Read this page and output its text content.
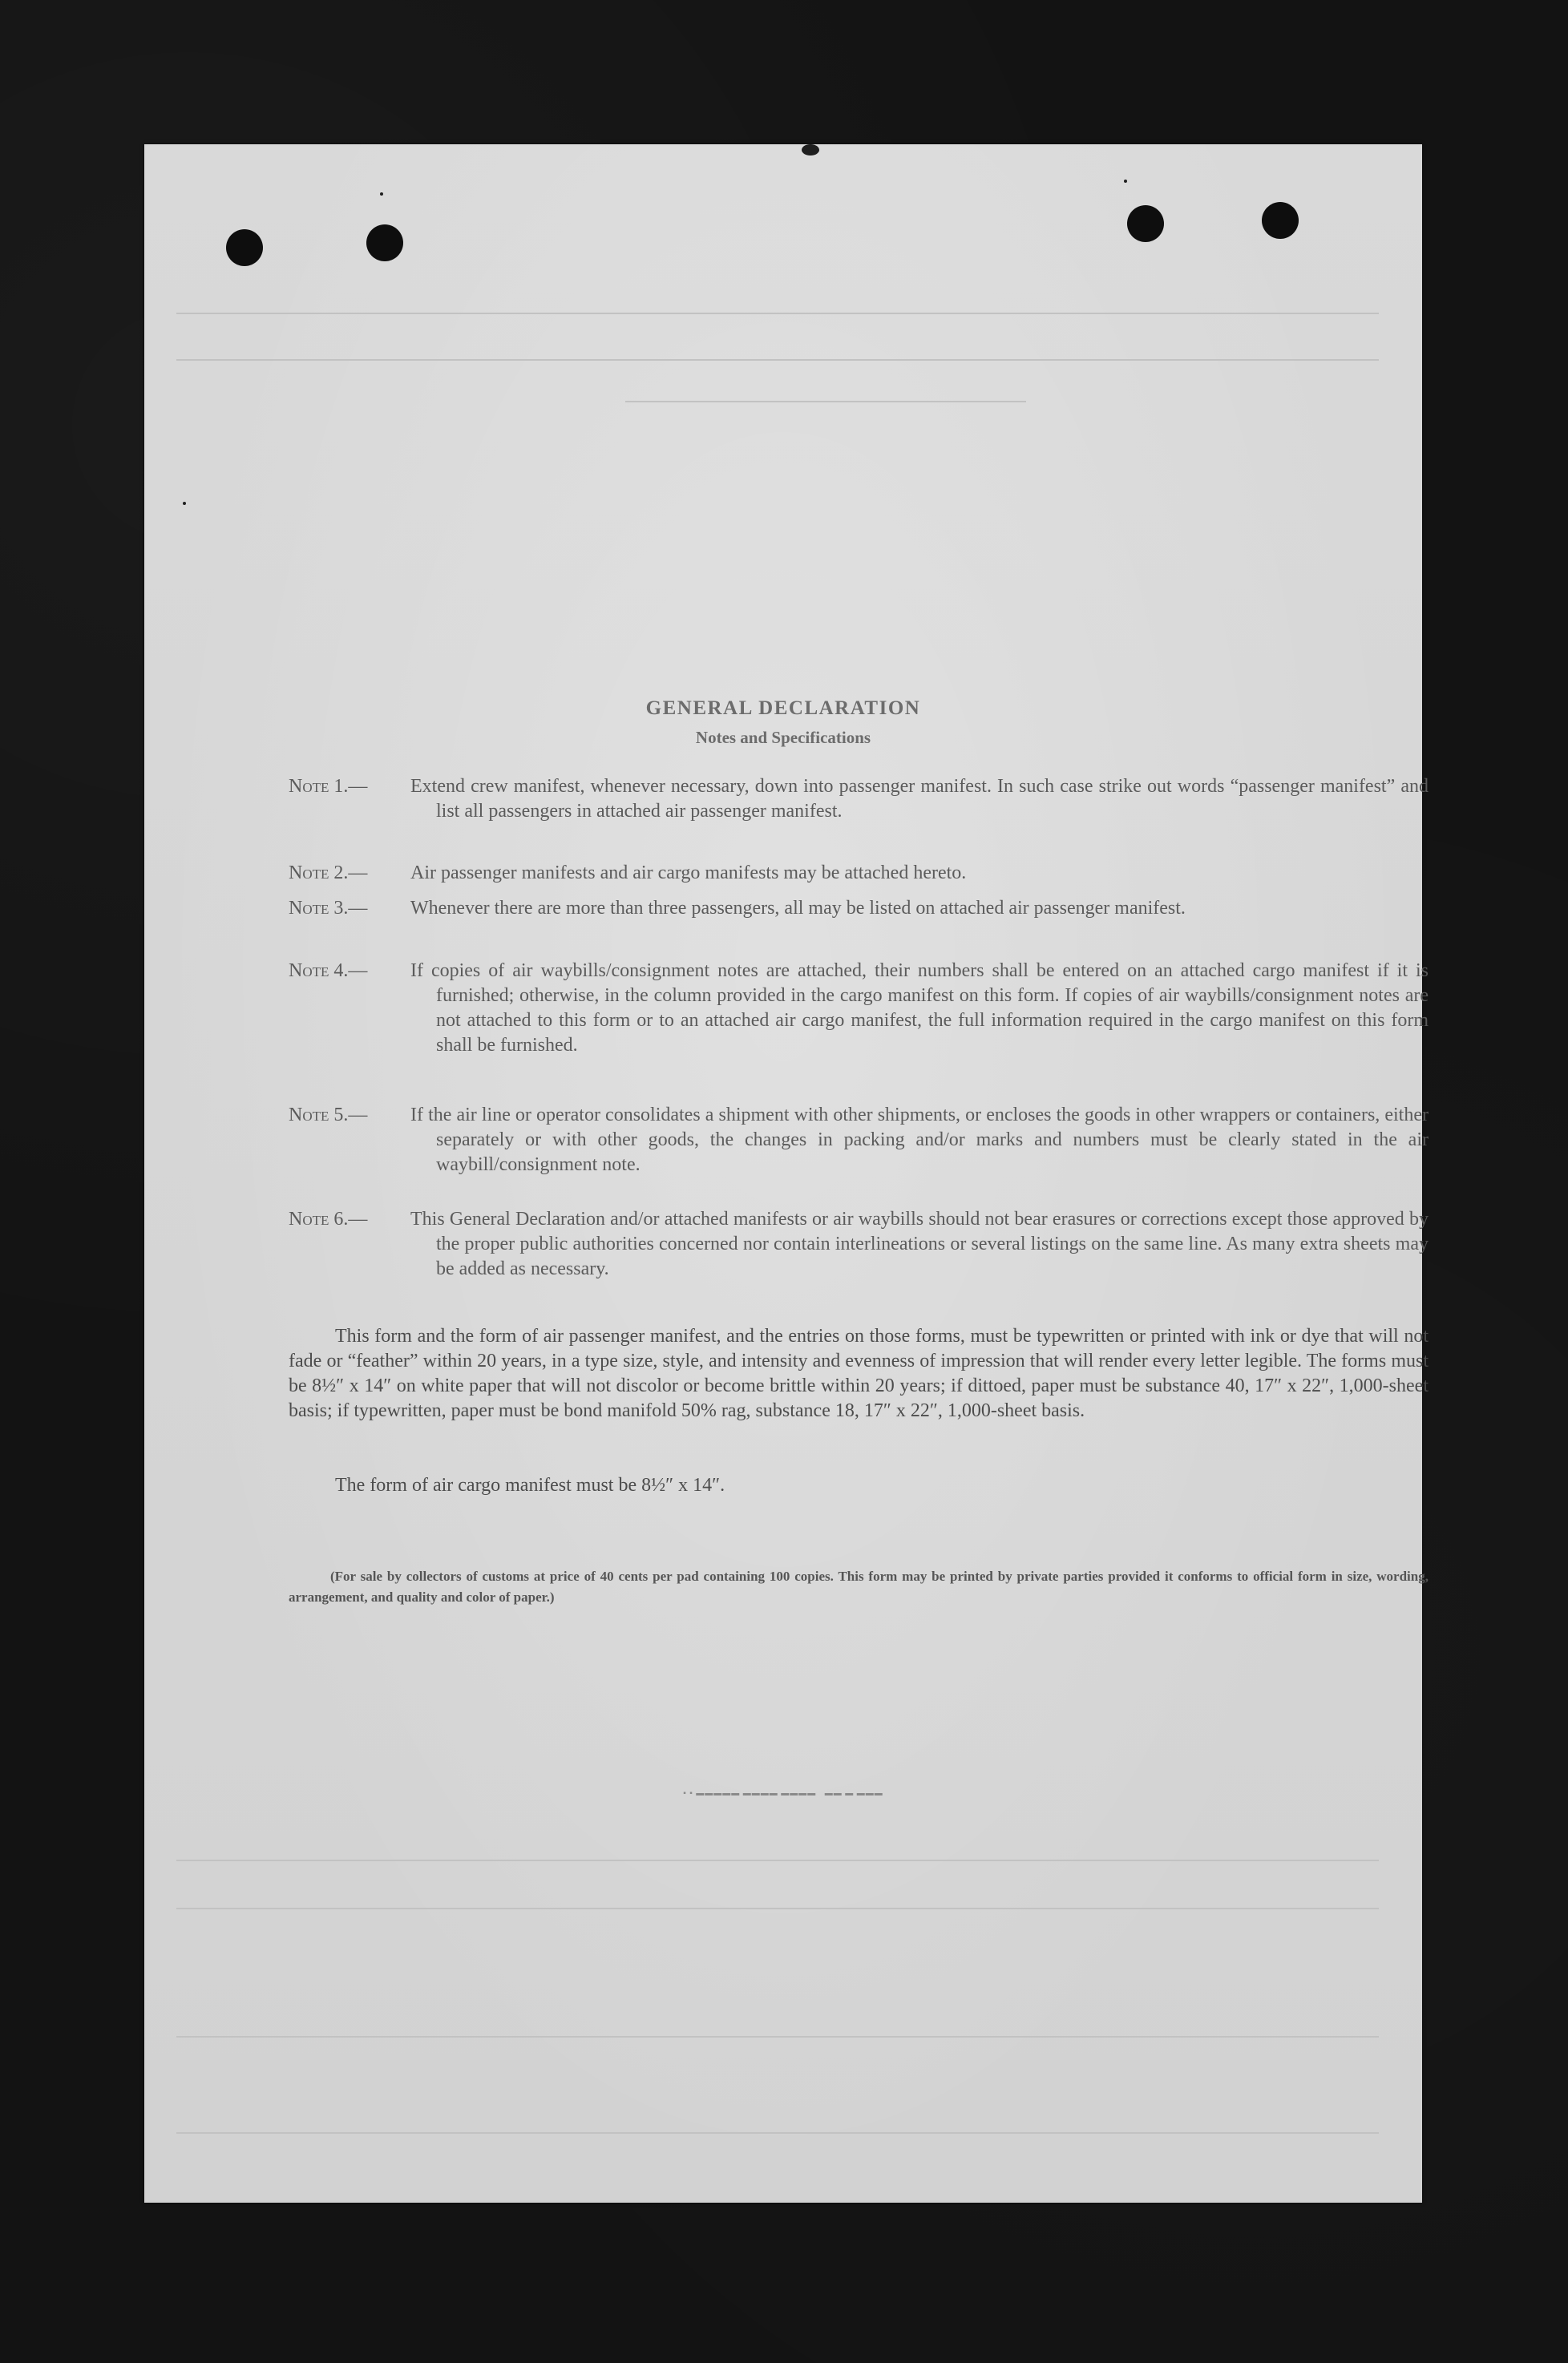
GENERAL DECLARATION
Notes and Specifications
Note 1.—	Extend crew manifest, whenever necessary, down into passenger manifest. In such case strike out words “passenger manifest” and list all passengers in attached air passenger manifest.
Note 2.—	Air passenger manifests and air cargo manifests may be attached hereto.
Note 3.—	Whenever there are more than three passengers, all may be listed on attached air passenger manifest.
Note 4.—	If copies of air waybills/consignment notes are attached, their numbers shall be entered on an attached cargo manifest if it is furnished; otherwise, in the column provided in the cargo manifest on this form. If copies of air waybills/consignment notes are not attached to this form or to an attached air cargo manifest, the full information required in the cargo manifest on this form shall be furnished.
Note 5.—	If the air line or operator consolidates a shipment with other shipments, or encloses the goods in other wrappers or containers, either separately or with other goods, the changes in packing and/or marks and numbers must be clearly stated in the air waybill/consignment note.
Note 6.—	This General Declaration and/or attached manifests or air waybills should not bear erasures or corrections except those approved by the proper public authorities concerned nor contain interlineations or several listings on the same line. As many extra sheets may be added as necessary.
This form and the form of air passenger manifest, and the entries on those forms, must be typewritten or printed with ink or dye that will not fade or “feather” within 20 years, in a type size, style, and intensity and evenness of impression that will render every letter legible. The forms must be 8½″ x 14″ on white paper that will not discolor or become brittle within 20 years; if dittoed, paper must be substance 40, 17″ x 22″, 1,000-sheet basis; if typewritten, paper must be bond manifold 50% rag, substance 18, 17″ x 22″, 1,000-sheet basis.
The form of air cargo manifest must be 8½″ x 14″.
(For sale by collectors of customs at price of 40 cents per pad containing 100 copies. This form may be printed by private parties provided it conforms to official form in size, wording, arrangement, and quality and color of paper.)
▪ ▪ ▬▬▬▬▬ ▬▬▬▬ ▬▬▬▬   ▬▬ ▬ ▬▬▬
